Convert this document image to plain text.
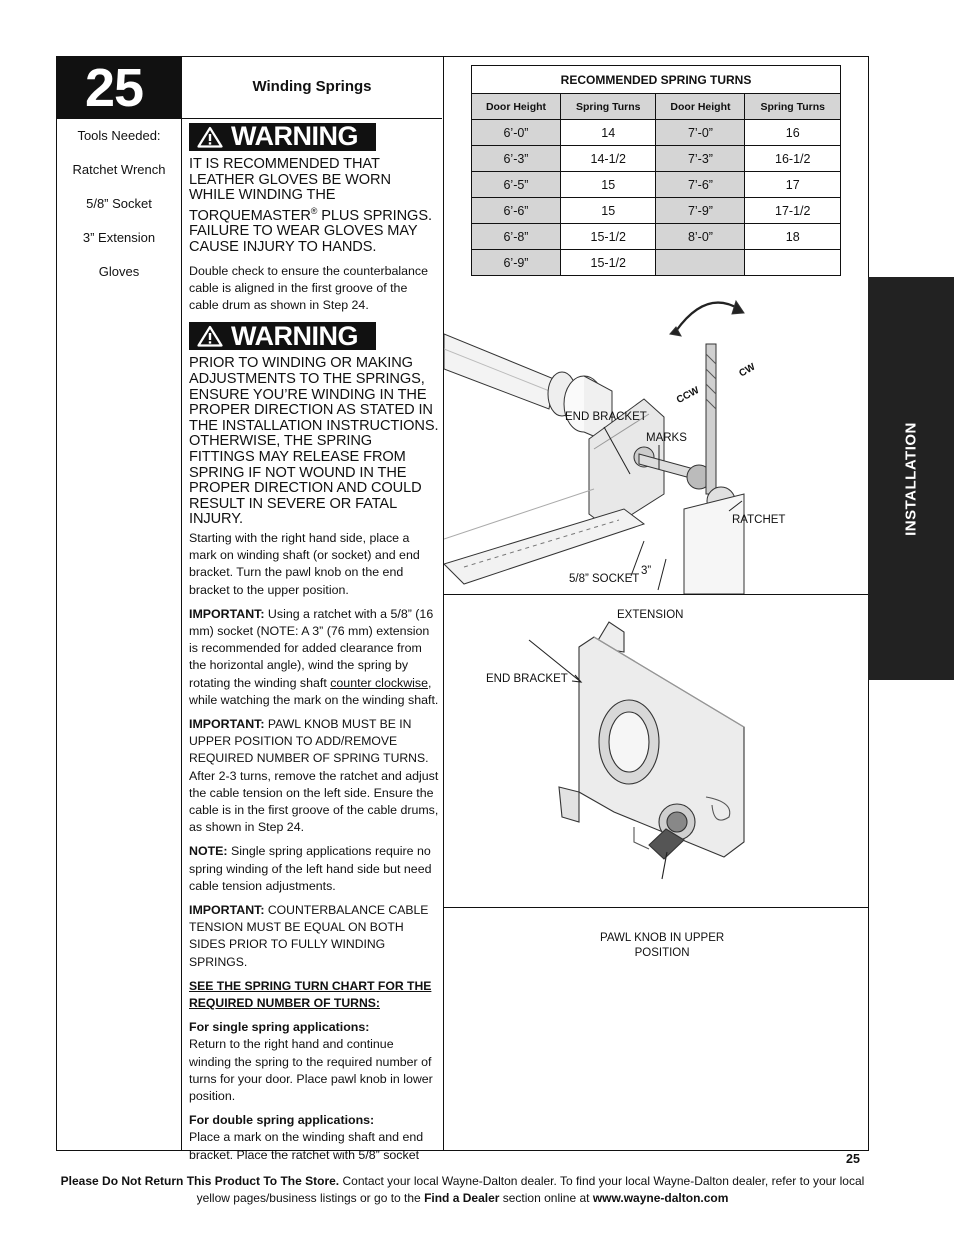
25
Tools Needed:
Ratchet Wrench
5/8” Socket
3” Extension
Gloves
Winding Springs
WARNING
IT IS RECOMMENDED THAT LEATHER GLOVES BE WORN WHILE WINDING THE TORQUEMASTER® PLUS SPRINGS. FAILURE TO WEAR GLOVES MAY CAUSE INJURY TO HANDS.
Double check to ensure the counterbalance cable is aligned in the first groove of the cable drum as shown in Step 24.
WARNING
PRIOR TO WINDING OR MAKING ADJUSTMENTS TO THE SPRINGS, ENSURE YOU’RE WINDING IN THE PROPER DIRECTION AS STATED IN THE INSTALLATION INSTRUCTIONS. OTHERWISE, THE SPRING FITTINGS MAY RELEASE FROM SPRING IF NOT WOUND IN THE PROPER DIRECTION AND COULD RESULT IN SEVERE OR FATAL INJURY.
Starting with the right hand side, place a mark on winding shaft (or socket) and end bracket. Turn the pawl knob on the end bracket to the upper position.
IMPORTANT: Using a ratchet with a 5/8” (16 mm) socket (NOTE: A 3” (76 mm) extension is recommended for added clearance from the horizontal angle), wind the spring by rotating the winding shaft counter clockwise, while watching the mark on the winding shaft.
IMPORTANT: PAWL KNOB MUST BE IN UPPER POSITION TO ADD/REMOVE REQUIRED NUMBER OF SPRING TURNS. After 2-3 turns, remove the ratchet and adjust the cable tension on the left side. Ensure the cable is in the first groove of the cable drums, as shown in Step 24.
NOTE: Single spring applications require no spring winding of the left hand side but need cable tension adjustments.
IMPORTANT: COUNTERBALANCE CABLE TENSION MUST BE EQUAL ON BOTH SIDES PRIOR TO FULLY WINDING SPRINGS.
SEE THE SPRING TURN CHART FOR THE REQUIRED NUMBER OF TURNS:
For single spring applications:
Return to the right hand and continue winding the spring to the required number of turns for your door. Place pawl knob in lower position.
For double spring applications:
Place a mark on the winding shaft and end bracket. Place the ratchet with 5/8” socket
RECOMMENDED SPRING TURNS			
Door Height	Spring Turns	Door Height	Spring Turns
6’-0”	14	7’-0”	16
6’-3”	14-1/2	7’-3”	16-1/2
6’-5”	15	7’-6”	17
6’-6”	15	7’-9”	17-1/2
6’-8”	15-1/2	8’-0”	18
6’-9”	15-1/2		
CCW
CW
END BRACKET
MARKS
RATCHET
5/8” SOCKET
3”
EXTENSION
END BRACKET
PAWL KNOB IN UPPER
POSITION
INSTALLATION
25
Please Do Not Return This Product To The Store. Contact your local Wayne-Dalton dealer. To find your local Wayne-Dalton dealer, refer to your local yellow pages/business listings or go to the Find a Dealer section online at www.wayne-dalton.com
